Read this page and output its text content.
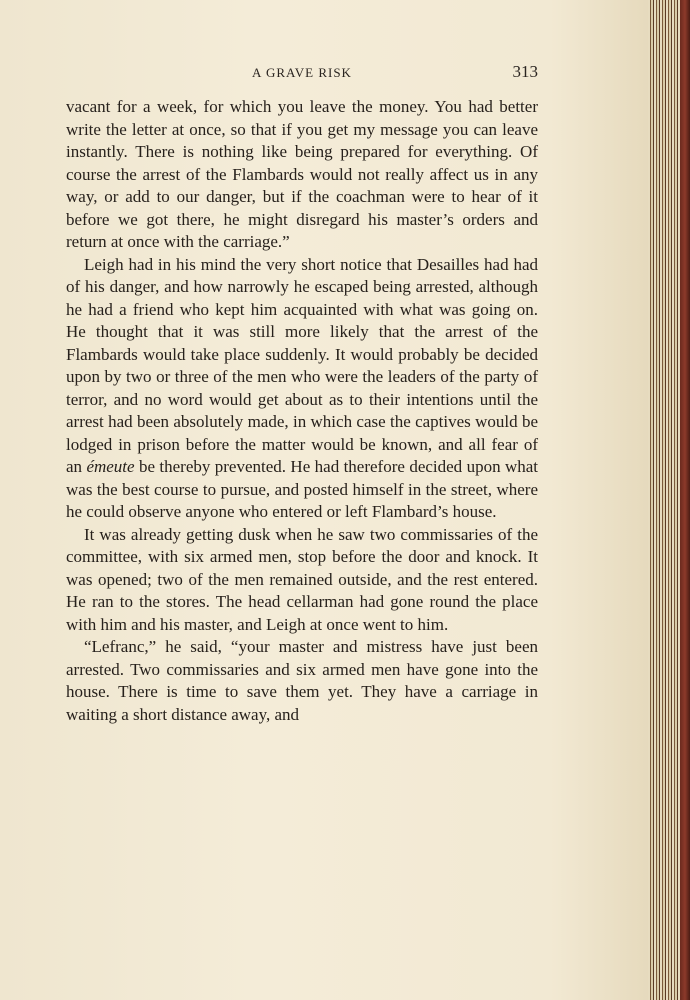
A GRAVE RISK	313

vacant for a week, for which you leave the money. You had better write the letter at once, so that if you get my message you can leave instantly. There is nothing like being prepared for everything. Of course the arrest of the Flambards would not really affect us in any way, or add to our danger, but if the coachman were to hear of it before we got there, he might disregard his master’s orders and return at once with the carriage.”

Leigh had in his mind the very short notice that Desailles had had of his danger, and how narrowly he escaped being arrested, although he had a friend who kept him acquainted with what was going on. He thought that it was still more likely that the arrest of the Flambards would take place suddenly. It would probably be decided upon by two or three of the men who were the leaders of the party of terror, and no word would get about as to their intentions until the arrest had been absolutely made, in which case the captives would be lodged in prison before the matter would be known, and all fear of an émeute be thereby prevented. He had therefore decided upon what was the best course to pursue, and posted himself in the street, where he could observe anyone who entered or left Flambard’s house.

It was already getting dusk when he saw two commissaries of the committee, with six armed men, stop before the door and knock. It was opened; two of the men remained outside, and the rest entered. He ran to the stores. The head cellarman had gone round the place with him and his master, and Leigh at once went to him.

“Lefranc,” he said, “your master and mistress have just been arrested. Two commissaries and six armed men have gone into the house. There is time to save them yet. They have a carriage in waiting a short distance away, and
